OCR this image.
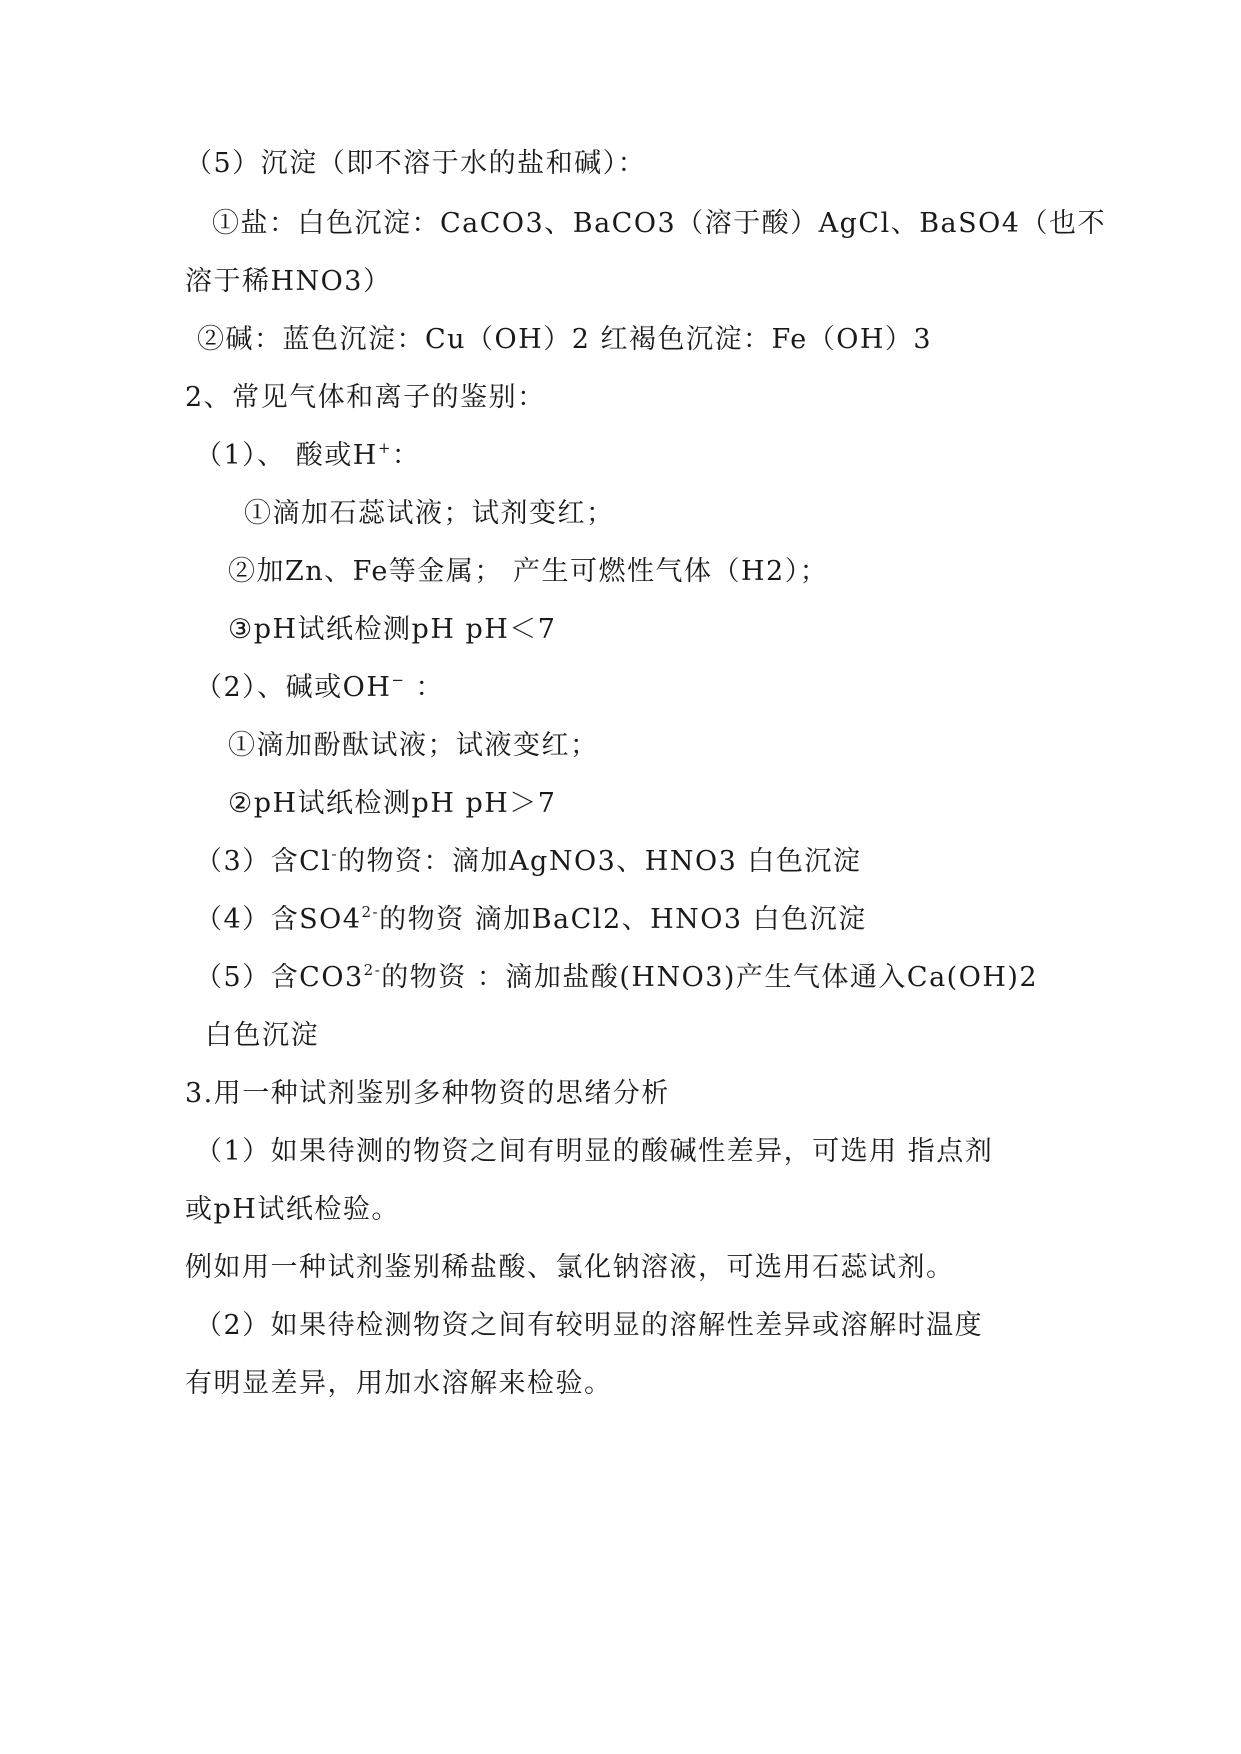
（5）沉淀（即不溶于水的盐和碱）：
①盐：白色沉淀：CaCO3、BaCO3（溶于酸）AgCl、BaSO4（也不
溶于稀HNO3）
②碱：蓝色沉淀：Cu（OH）2 红褐色沉淀：Fe（OH）3
2、常见气体和离子的鉴别：
（1）、 酸或H+：
①滴加石蕊试液；试剂变红；
②加Zn、Fe等金属； 产生可燃性气体（H2）；
③pH试纸检测pH pH＜7
（2）、碱或OH− ：
①滴加酚酞试液；试液变红；
②pH试纸检测pH pH＞7
（3）含Cl-的物资：滴加AgNO3、HNO3 白色沉淀
（4）含$SO4^{2-}$的物资 滴加BaCl2、HNO3 白色沉淀
（5）含$CO3^{2-}$的物资 ：滴加盐酸(HNO3)产生气体通入Ca(OH)2
白色沉淀
3.用一种试剂鉴别多种物资的思绪分析
（1）如果待测的物资之间有明显的酸碱性差异，可选用 指点剂
或pH试纸检验。
例如用一种试剂鉴别稀盐酸、氯化钠溶液，可选用石蕊试剂。
（2）如果待检测物资之间有较明显的溶解性差异或溶解时温度
有明显差异，用加水溶解来检验。
